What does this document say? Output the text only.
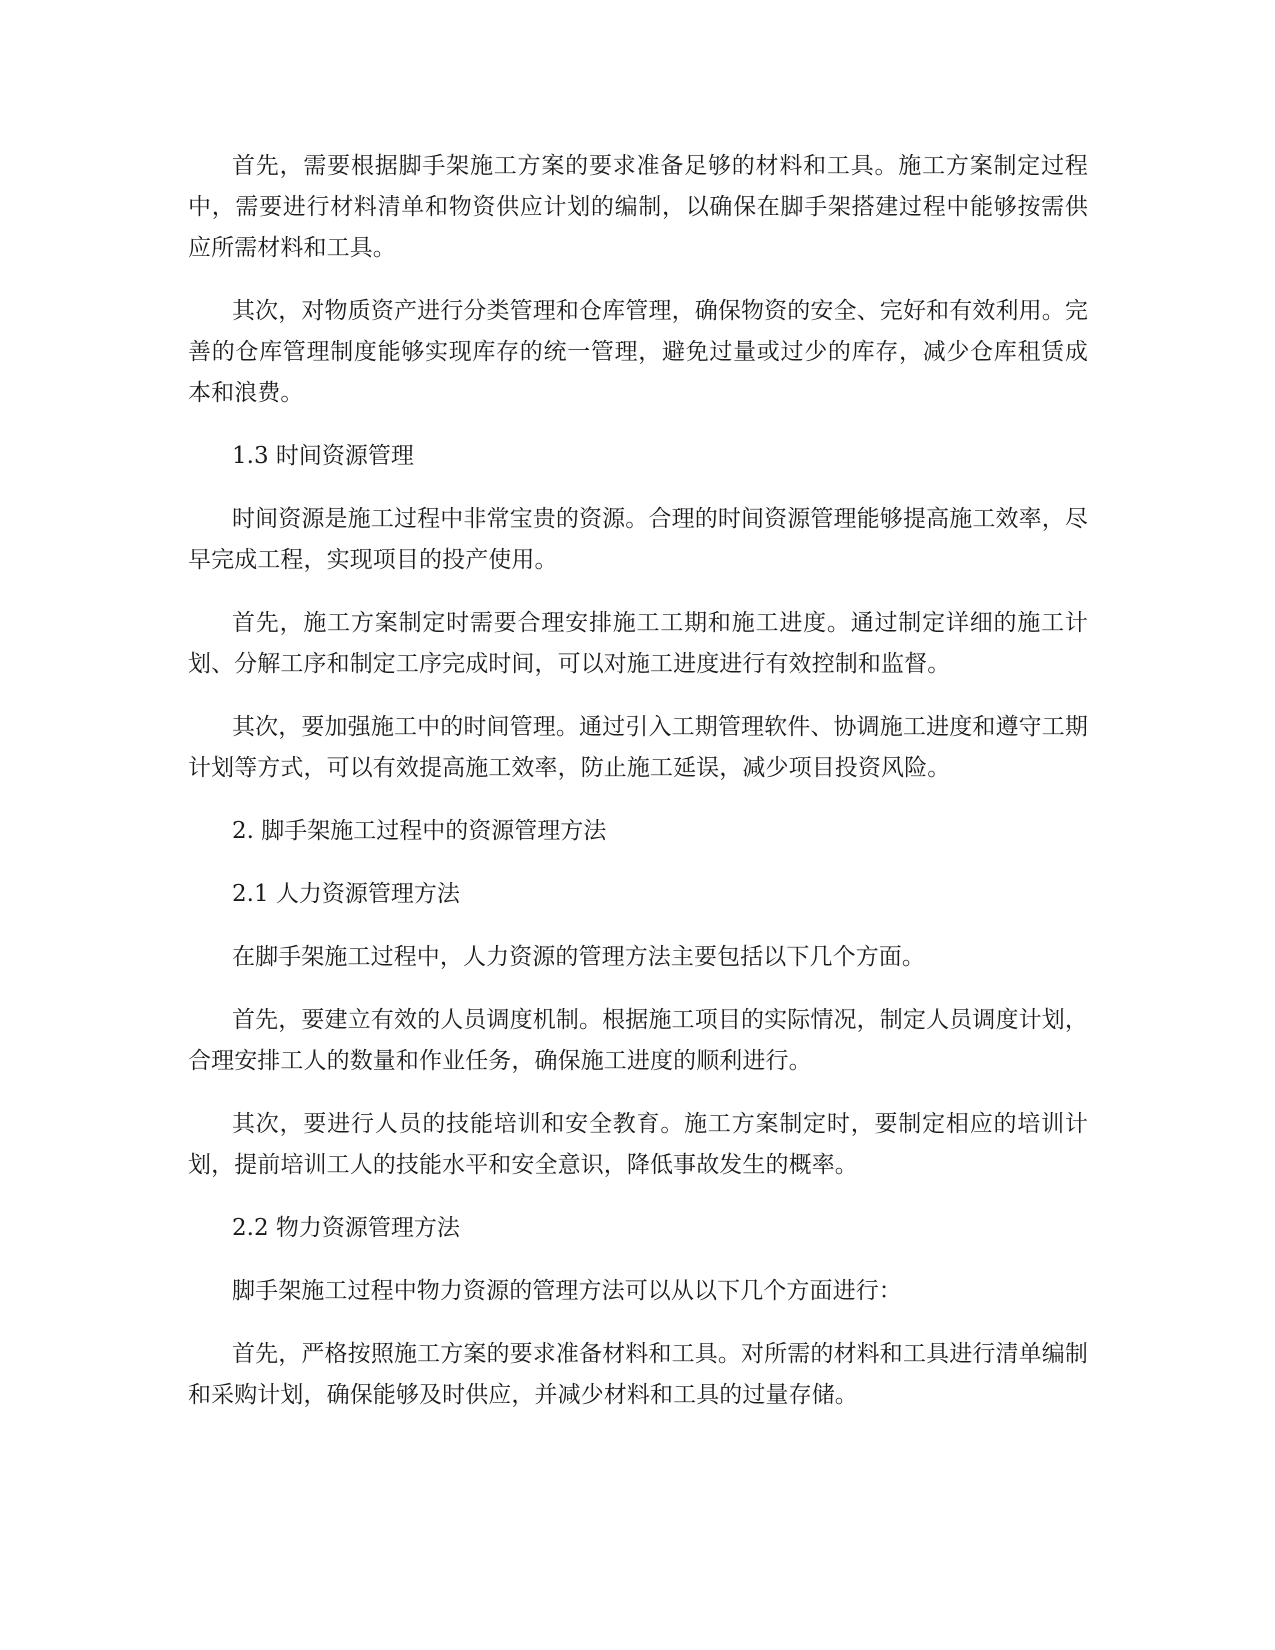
首先，需要根据脚手架施工方案的要求准备足够的材料和工具。施工方案制定过程中，需要进行材料清单和物资供应计划的编制，以确保在脚手架搭建过程中能够按需供应所需材料和工具。

其次，对物质资产进行分类管理和仓库管理，确保物资的安全、完好和有效利用。完善的仓库管理制度能够实现库存的统一管理，避免过量或过少的库存，减少仓库租赁成本和浪费。

1.3 时间资源管理

时间资源是施工过程中非常宝贵的资源。合理的时间资源管理能够提高施工效率，尽早完成工程，实现项目的投产使用。

首先，施工方案制定时需要合理安排施工工期和施工进度。通过制定详细的施工计划、分解工序和制定工序完成时间，可以对施工进度进行有效控制和监督。

其次，要加强施工中的时间管理。通过引入工期管理软件、协调施工进度和遵守工期计划等方式，可以有效提高施工效率，防止施工延误，减少项目投资风险。

2. 脚手架施工过程中的资源管理方法

2.1 人力资源管理方法

在脚手架施工过程中，人力资源的管理方法主要包括以下几个方面。

首先，要建立有效的人员调度机制。根据施工项目的实际情况，制定人员调度计划，合理安排工人的数量和作业任务，确保施工进度的顺利进行。

其次，要进行人员的技能培训和安全教育。施工方案制定时，要制定相应的培训计划，提前培训工人的技能水平和安全意识，降低事故发生的概率。

2.2 物力资源管理方法

脚手架施工过程中物力资源的管理方法可以从以下几个方面进行：

首先，严格按照施工方案的要求准备材料和工具。对所需的材料和工具进行清单编制和采购计划，确保能够及时供应，并减少材料和工具的过量存储。
